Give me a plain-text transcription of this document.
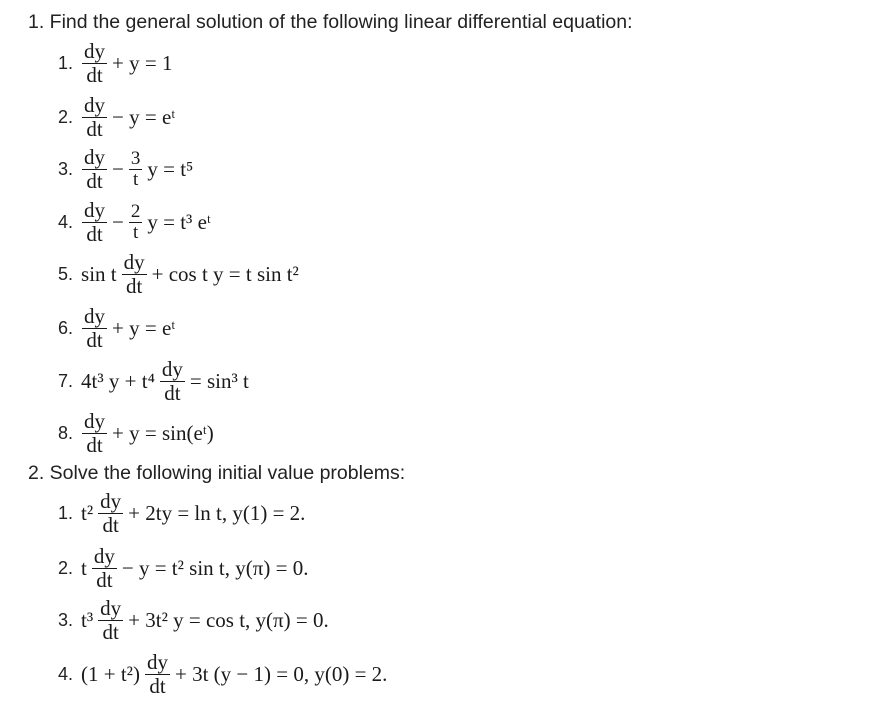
1. Find the general solution of the following linear differential equation:
1. $\frac{dy}{dt} + y = 1$
2. $\frac{dy}{dt} - y$ = eᵗ
3. $\frac{dy}{dt} - \frac{3}{t}$ y = t⁵
4. $\frac{dy}{dt} - \frac{2}{t}$ y = t³ eᵗ
5. sin t $\frac{dy}{dt} + \cos t$ y = t sin t²
6. $\frac{dy}{dt} + y$ = eᵗ
7. 4t³ $y + t^4 \frac{dy}{dt} = \sin^3$ t
8. $\frac{dy}{dt} + y$ = sin(eᵗ)
2. Solve the following initial value problems:
1. $t^2 \frac{dy}{dt} + 2ty = \ln t$, y(1) = 2.
2. t $\frac{dy}{dt} - y = t^2$ sin t, y(π) = 0.
3. $t^3 \frac{dy}{dt} + 3t^2$ y = cos t, y(π) = 0.
4. $(1 + t^2) \frac{dy}{dt} + 3t$ (y − 1) = 0, y(0) = 2.
